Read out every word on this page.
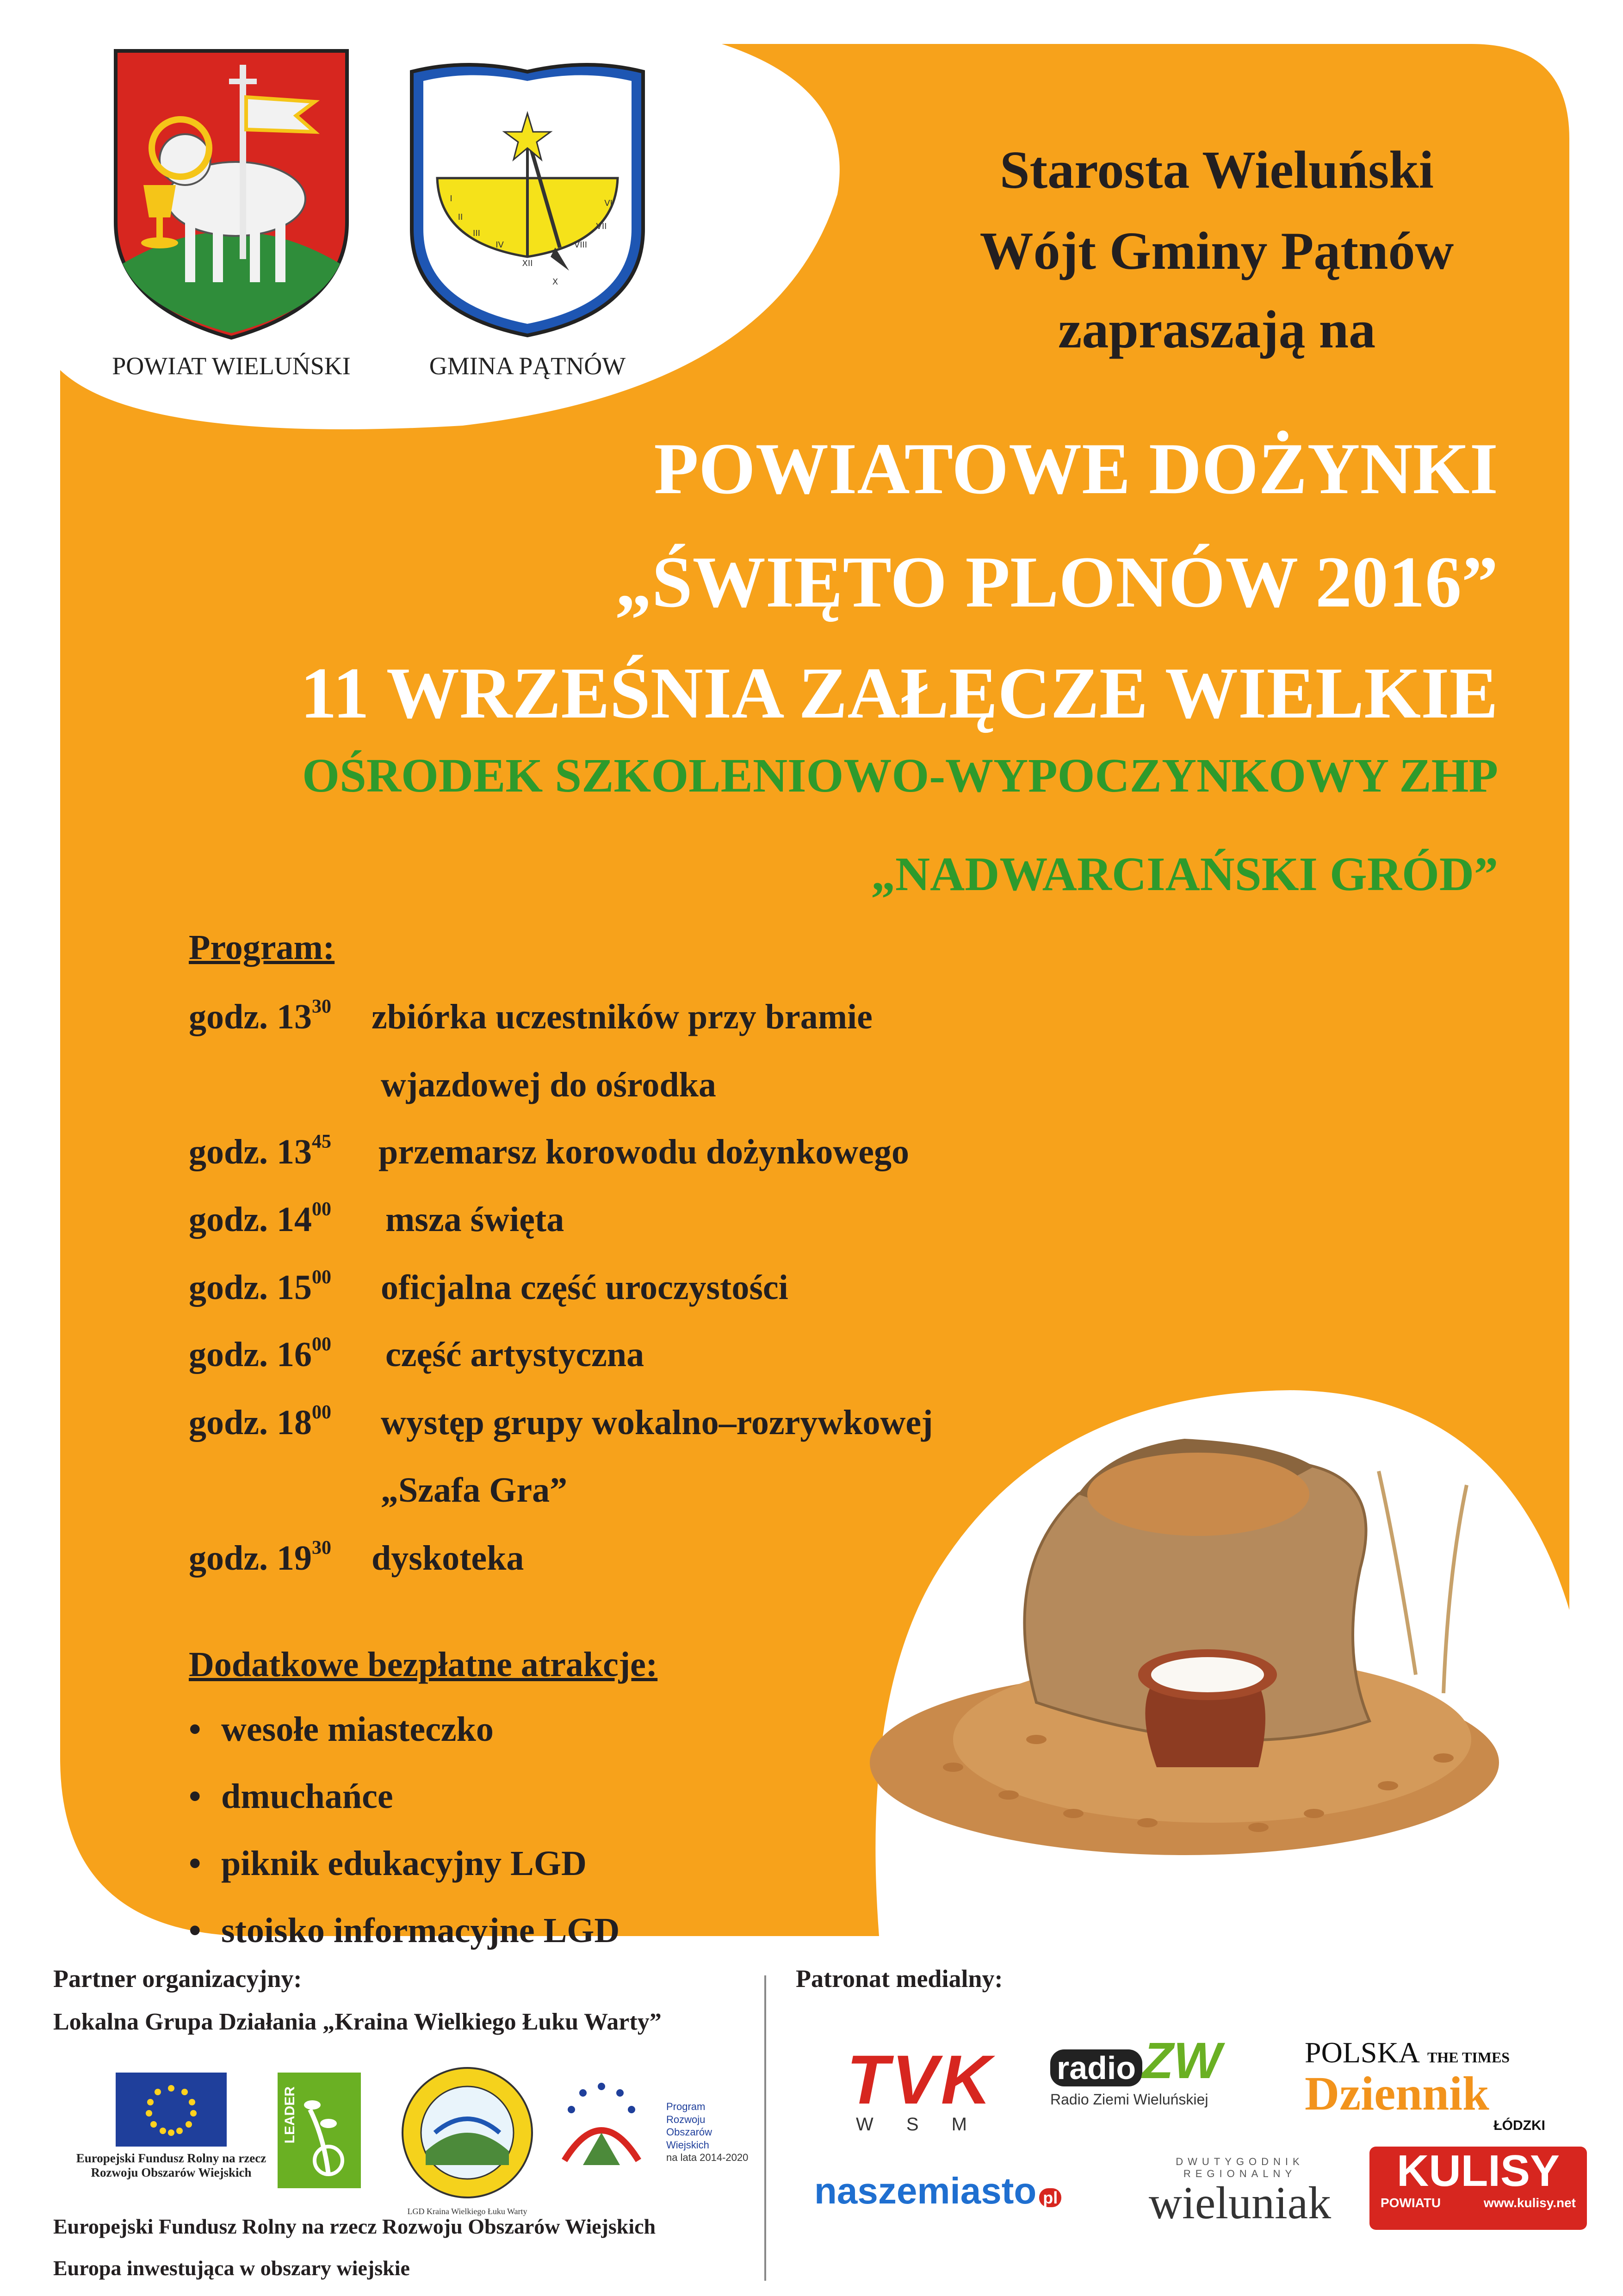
I
II
III
IV
XII
X
VIII
VII
VI
POWIAT WIELUŃSKI	GMINA PĄTNÓW
Starosta Wieluński
Wójt Gminy Pątnów
zapraszają na
POWIATOWE DOŻYNKI
„ŚWIĘTO PLONÓW 2016”
11 WRZEŚNIA ZAŁĘCZE WIELKIE
OŚRODEK SZKOLENIOWO-WYPOCZYNKOWY ZHP
„NADWARCIAŃSKI GRÓD”
Program:
godz. $13^{30}$ zbiórka uczestników przy bramie
wjazdowej do ośrodka
godz. $13^{45}$ przemarsz korowodu dożynkowego
godz. $14^{00}$ msza święta
godz. $15^{00}$ oficjalna część uroczystości
godz. $16^{00}$ część artystyczna
godz. $18^{00}$ występ grupy wokalno–rozrywkowej
„Szafa Gra”
godz. $19^{30}$ dyskoteka
Dodatkowe bezpłatne atrakcje:
• wesołe miasteczko
• dmuchańce
• piknik edukacyjny LGD
• stoisko informacyjne LGD
Partner organizacyjny:
Lokalna Grupa Działania „Kraina Wielkiego Łuku Warty”
Europejski Fundusz Rolny na rzecz
Rozwoju Obszarów Wiejskich
LEADER
LGD Kraina Wielkiego Łuku Warty
Program
Rozwoju
Obszarów
Wiejskich
na lata 2014-2020
Europejski Fundusz Rolny na rzecz Rozwoju Obszarów Wiejskich
Europa inwestująca w obszary wiejskie
Patronat medialny:
TVK
W S M
radio ZW
Radio Ziemi Wieluńskiej
POLSKA THE TIMES
Dziennik
ŁÓDZKI
naszemiasto pl
DWUTYGODNIK REGIONALNY
wieluniak
KULISY
POWIATU	www.kulisy.net
